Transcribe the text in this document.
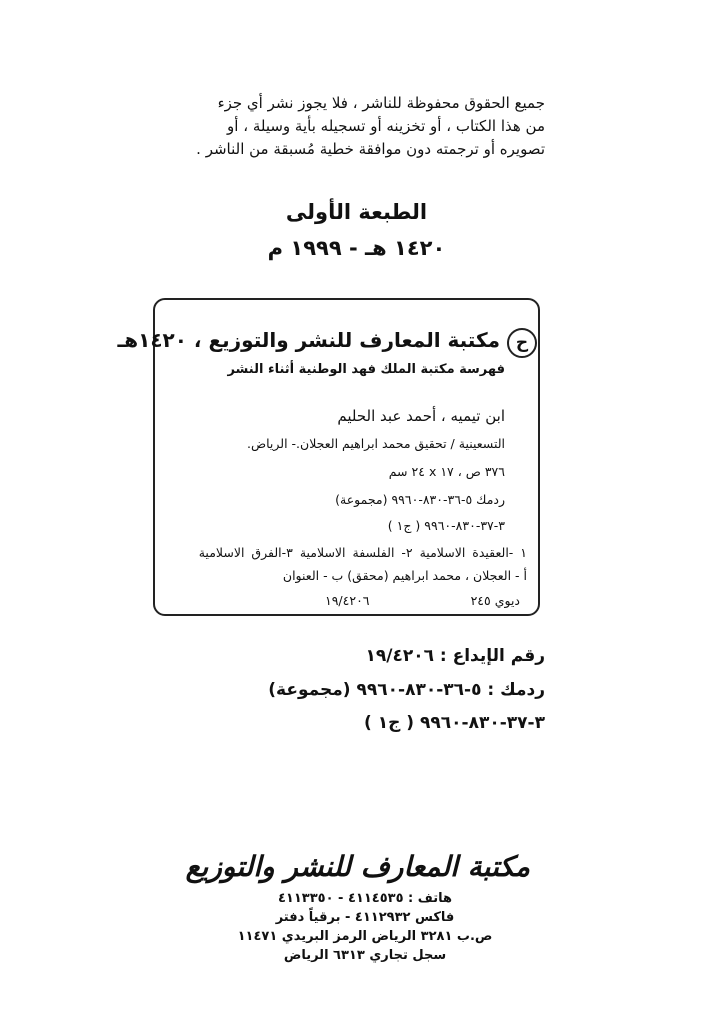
جميع الحقوق محفوظة للناشر ، فلا يجوز نشر أي جزء
من هذا الكتاب ، أو تخزينه أو تسجيله بأية وسيلة ، أو
تصويره أو ترجمته دون موافقة خطية مُسبقة من الناشر .
الطبعة الأولى
١٤٢٠ هـ - ١٩٩٩ م
ح
مكتبة المعارف للنشر والتوزيع ، ١٤٢٠هـ
فهرسة مكتبة الملك فهد الوطنية أثناء النشر
ابن تيميه ، أحمد عبد الحليم
التسعينية / تحقيق محمد ابراهيم العجلان.- الرياض.
٣٧٦ ص ، ١٧ x ٢٤ سم
ردمك ٥-٣٦-٨٣٠-٩٩٦٠ (مجموعة)
٣-٣٧-٨٣٠-٩٩٦٠ ( ج١ )
١ -العقيدة الاسلامية ٢- الفلسفة الاسلامية ٣-الفرق الاسلامية
أ - العجلان ، محمد ابراهيم (محقق) ب - العنوان
١٩/٤٢٠٦	ديوي ٢٤٥
رقم الإيداع : ١٩/٤٢٠٦
ردمك : ٥-٣٦-٨٣٠-٩٩٦٠ (مجموعة)
٣-٣٧-٨٣٠-٩٩٦٠ ( ج١ )
مكتبة المعارف للنشر والتوزيع
هاتف : ٤١١٤٥٣٥ - ٤١١٣٣٥٠
فاكس ٤١١٢٩٣٢ - برقياً دفتر
ص.ب ٣٢٨١ الرياض الرمز البريدي ١١٤٧١
سجل تجاري ٦٣١٣ الرياض
